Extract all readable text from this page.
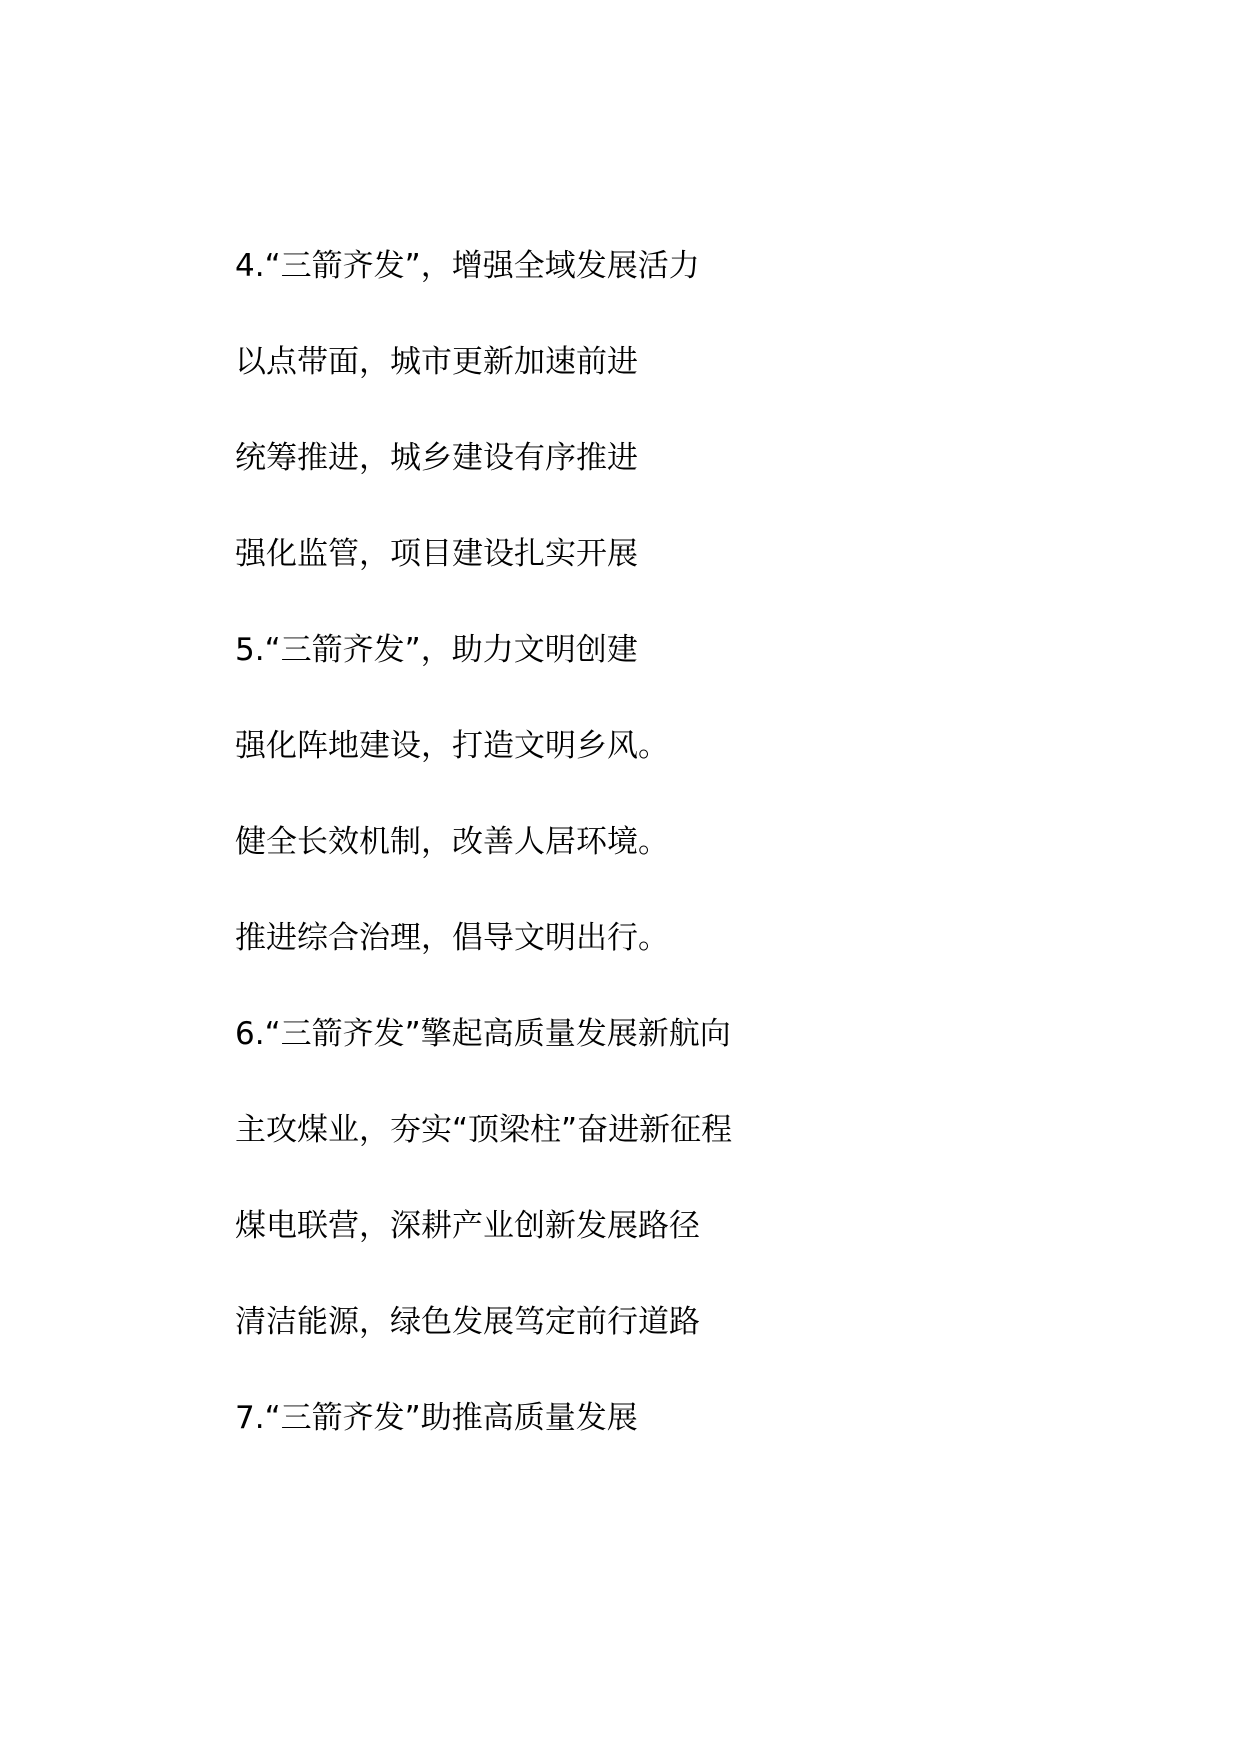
4.“三箭齐发”，增强全域发展活力

以点带面，城市更新加速前进

统筹推进，城乡建设有序推进

强化监管，项目建设扎实开展

5.“三箭齐发”，助力文明创建

强化阵地建设，打造文明乡风。

健全长效机制，改善人居环境。

推进综合治理，倡导文明出行。

6.“三箭齐发”擎起高质量发展新航向

主攻煤业，夯实“顶梁柱”奋进新征程

煤电联营，深耕产业创新发展路径

清洁能源，绿色发展笃定前行道路

7.“三箭齐发”助推高质量发展
